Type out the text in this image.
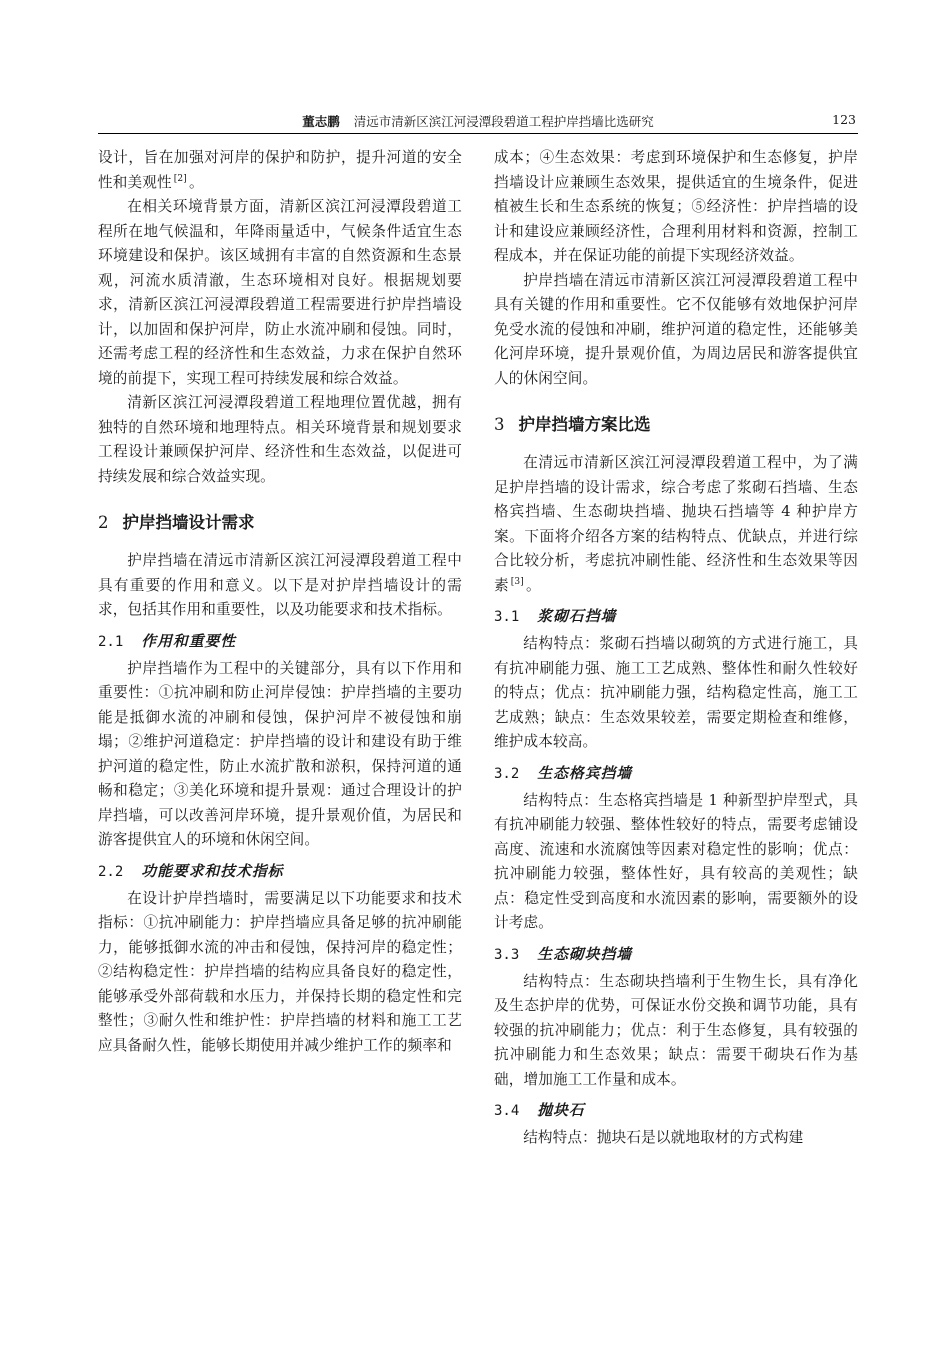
董志鹏 清远市清新区滨江河浸潭段碧道工程护岸挡墙比选研究	123

设计，旨在加强对河岸的保护和防护，提升河道的安全性和美观性 [2] 。

在相关环境背景方面，清新区滨江河浸潭段碧道工程所在地气候温和，年降雨量适中，气候条件适宜生态环境建设和保护。该区域拥有丰富的自然资源和生态景观，河流水质清澈，生态环境相对良好。根据规划要求，清新区滨江河浸潭段碧道工程需要进行护岸挡墙设计，以加固和保护河岸，防止水流冲刷和侵蚀。同时，还需考虑工程的经济性和生态效益，力求在保护自然环境的前提下，实现工程可持续发展和综合效益。

清新区滨江河浸潭段碧道工程地理位置优越，拥有独特的自然环境和地理特点。相关环境背景和规划要求工程设计兼顾保护河岸、经济性和生态效益，以促进可持续发展和综合效益实现。

2 护岸挡墙设计需求

护岸挡墙在清远市清新区滨江河浸潭段碧道工程中具有重要的作用和意义。以下是对护岸挡墙设计的需求，包括其作用和重要性，以及功能要求和技术指标。

2.1 作用和重要性

护岸挡墙作为工程中的关键部分，具有以下作用和重要性：①抗冲刷和防止河岸侵蚀：护岸挡墙的主要功能是抵御水流的冲刷和侵蚀，保护河岸不被侵蚀和崩塌；②维护河道稳定：护岸挡墙的设计和建设有助于维护河道的稳定性，防止水流扩散和淤积，保持河道的通畅和稳定；③美化环境和提升景观：通过合理设计的护岸挡墙，可以改善河岸环境，提升景观价值，为居民和游客提供宜人的环境和休闲空间。

2.2 功能要求和技术指标

在设计护岸挡墙时，需要满足以下功能要求和技术指标：①抗冲刷能力：护岸挡墙应具备足够的抗冲刷能力，能够抵御水流的冲击和侵蚀，保持河岸的稳定性；②结构稳定性：护岸挡墙的结构应具备良好的稳定性，能够承受外部荷载和水压力，并保持长期的稳定性和完整性；③耐久性和维护性：护岸挡墙的材料和施工工艺应具备耐久性，能够长期使用并减少维护工作的频率和

成本；④生态效果：考虑到环境保护和生态修复，护岸挡墙设计应兼顾生态效果，提供适宜的生境条件，促进植被生长和生态系统的恢复；⑤经济性：护岸挡墙的设计和建设应兼顾经济性，合理利用材料和资源，控制工程成本，并在保证功能的前提下实现经济效益。

护岸挡墙在清远市清新区滨江河浸潭段碧道工程中具有关键的作用和重要性。它不仅能够有效地保护河岸免受水流的侵蚀和冲刷，维护河道的稳定性，还能够美化河岸环境，提升景观价值，为周边居民和游客提供宜人的休闲空间。

3 护岸挡墙方案比选

在清远市清新区滨江河浸潭段碧道工程中，为了满足护岸挡墙的设计需求，综合考虑了浆砌石挡墙、生态格宾挡墙、生态砌块挡墙、抛块石挡墙等 4 种护岸方案。下面将介绍各方案的结构特点、优缺点，并进行综合比较分析，考虑抗冲刷性能、经济性和生态效果等因素 [3] 。

3.1 浆砌石挡墙

结构特点：浆砌石挡墙以砌筑的方式进行施工，具有抗冲刷能力强、施工工艺成熟、整体性和耐久性较好的特点；优点：抗冲刷能力强，结构稳定性高，施工工艺成熟；缺点：生态效果较差，需要定期检查和维修，维护成本较高。

3.2 生态格宾挡墙

结构特点：生态格宾挡墙是 1 种新型护岸型式，具有抗冲刷能力较强、整体性较好的特点，需要考虑铺设高度、流速和水流腐蚀等因素对稳定性的影响；优点：抗冲刷能力较强，整体性好，具有较高的美观性；缺点：稳定性受到高度和水流因素的影响，需要额外的设计考虑。

3.3 生态砌块挡墙

结构特点：生态砌块挡墙利于生物生长，具有净化及生态护岸的优势，可保证水份交换和调节功能，具有较强的抗冲刷能力；优点：利于生态修复，具有较强的抗冲刷能力和生态效果；缺点：需要干砌块石作为基础，增加施工工作量和成本。

3.4 抛块石

结构特点：抛块石是以就地取材的方式构建
